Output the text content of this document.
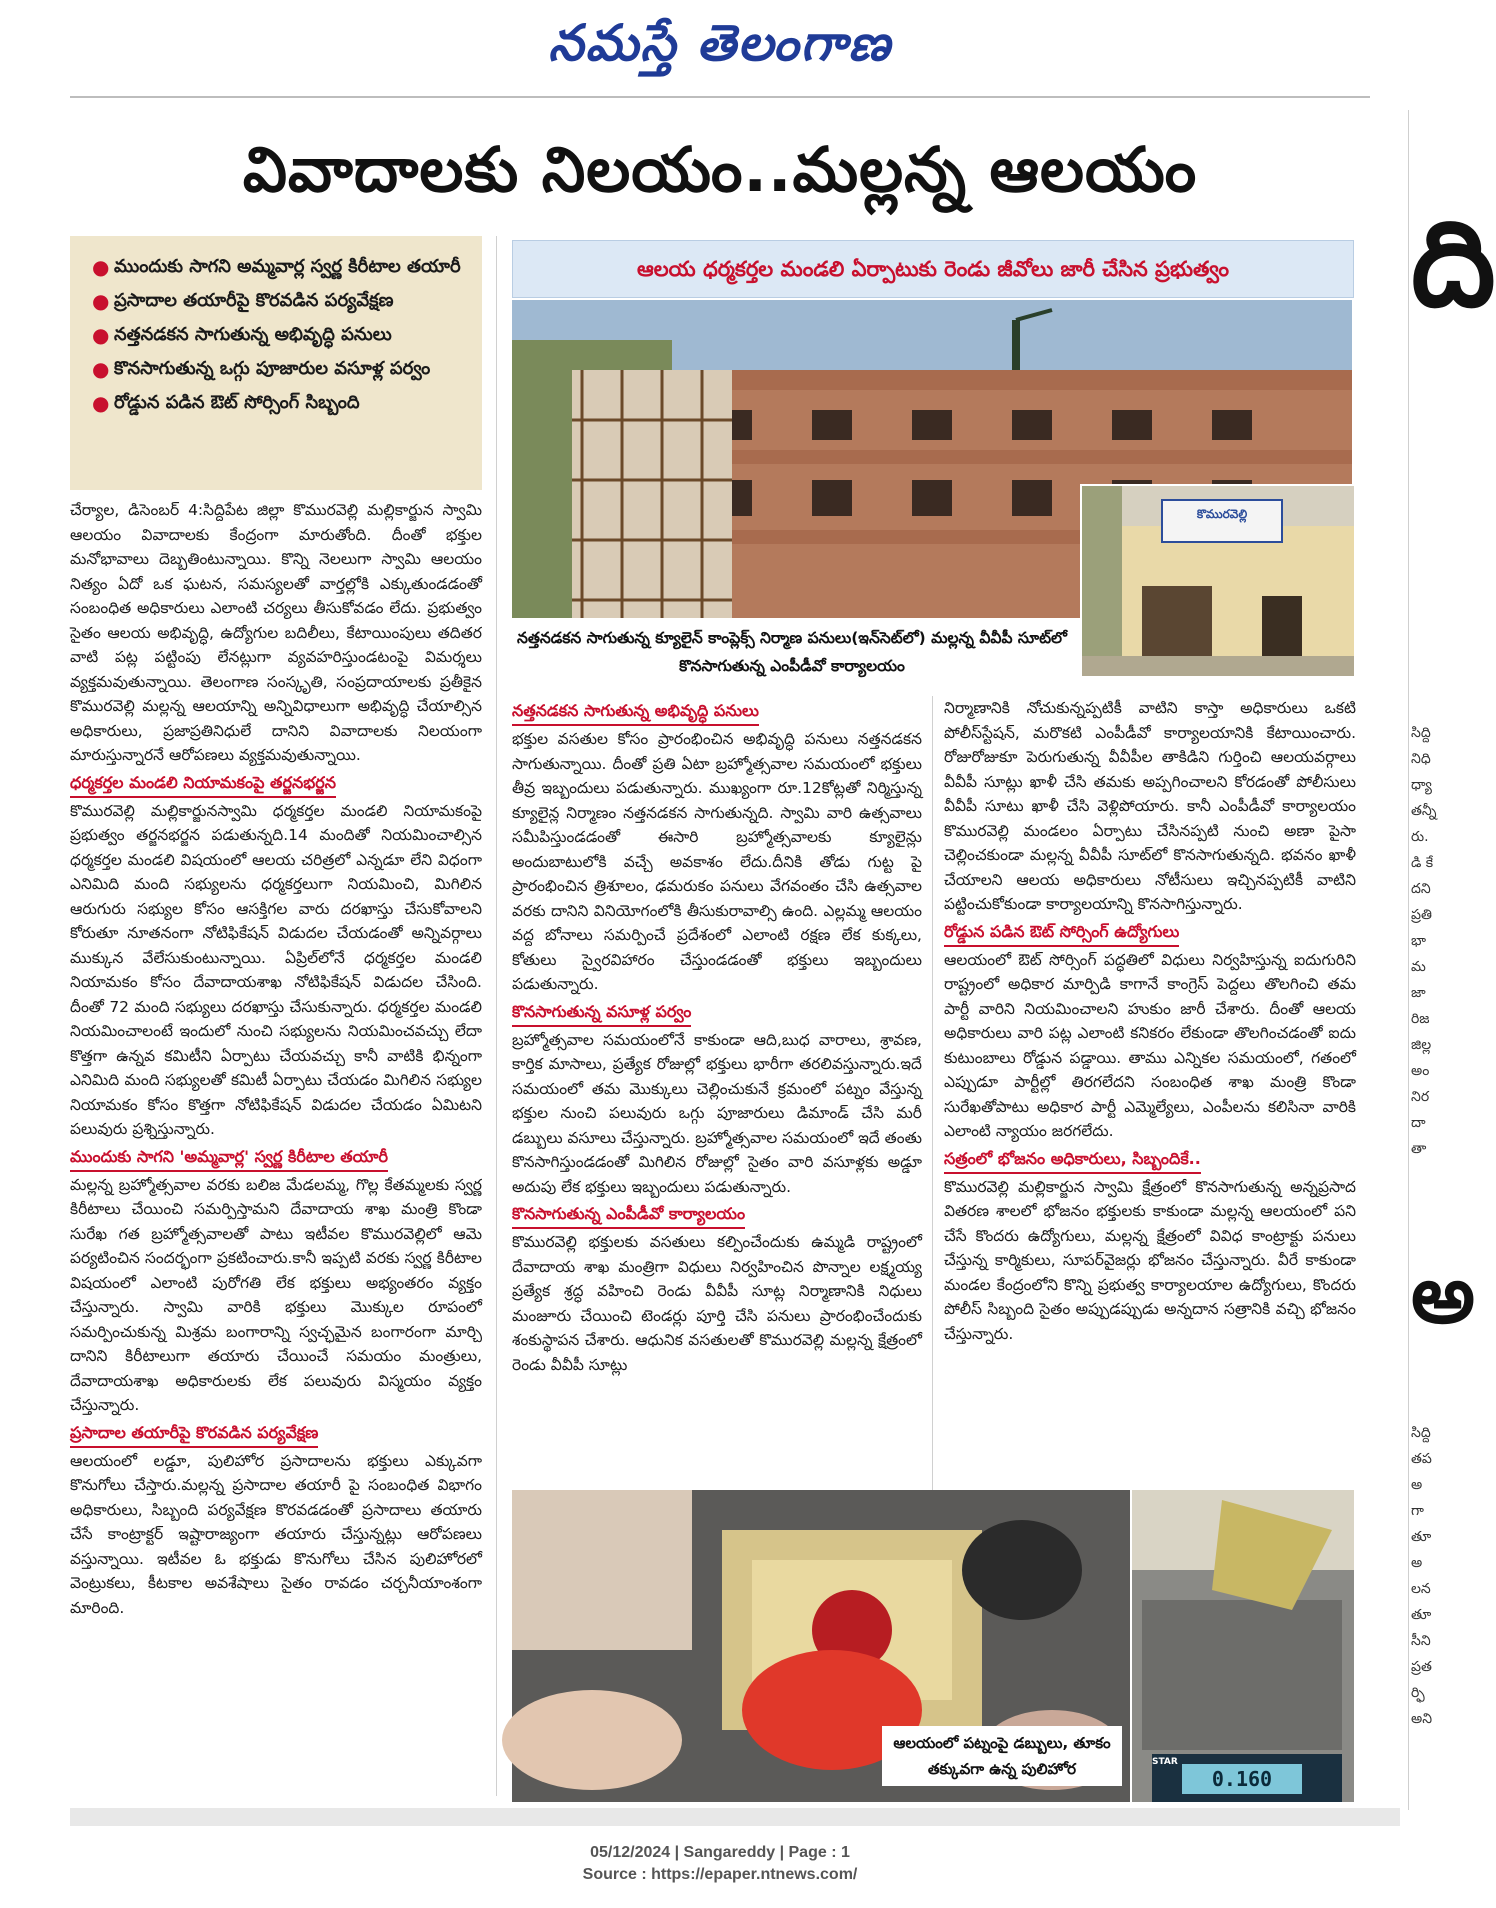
నమస్తే తెలంగాణ
వివాదాలకు నిలయం..మల్లన్న ఆలయం
● ముందుకు సాగని అమ్మవార్ల స్వర్ణ కిరీటాల తయారీ
● ప్రసాదాల తయారీపై కొరవడిన పర్యవేక్షణ
● నత్తనడకన సాగుతున్న అభివృద్ధి పనులు
● కొనసాగుతున్న ఒగ్గు పూజారుల వసూళ్ల పర్వం
● రోడ్డున పడిన ఔట్ సోర్సింగ్ సిబ్బంది

చేర్యాల, డిసెంబర్ 4:సిద్దిపేట జిల్లా కొమురవెల్లి మల్లికార్జున స్వామి ఆలయం వివాదాలకు కేంద్రంగా మారుతోంది. దీంతో భక్తుల మనోభావాలు దెబ్బతింటున్నాయి. కొన్ని నెలలుగా స్వామి ఆలయం నిత్యం ఏదో ఒక ఘటన, సమస్యలతో వార్తల్లోకి ఎక్కుతుండడంతో సంబంధిత అధికారులు ఎలాంటి చర్యలు తీసుకోవడం లేదు. ప్రభుత్వం సైతం ఆలయ అభివృద్ధి, ఉద్యోగుల బదిలీలు, కేటాయింపులు తదితర వాటి పట్ల పట్టింపు లేనట్లుగా వ్యవహరిస్తుండటంపై విమర్శలు వ్యక్తమవుతున్నాయి. తెలంగాణ సంస్కృతి, సంప్రదాయాలకు ప్రతీకైన కొమురవెల్లి మల్లన్న ఆలయాన్ని అన్నివిధాలుగా అభివృద్ధి చేయాల్సిన అధికారులు, ప్రజాప్రతినిధులే దానిని వివాదాలకు నిలయంగా మారుస్తున్నారనే ఆరోపణలు వ్యక్తమవుతున్నాయి.

ధర్మకర్తల మండలి నియామకంపై తర్జనభర్జన

కొమురవెల్లి మల్లికార్జునస్వామి ధర్మకర్తల మండలి నియామకంపై ప్రభుత్వం తర్జనభర్జన పడుతున్నది.14 మందితో నియమించాల్సిన ధర్మకర్తల మండలి విషయంలో ఆలయ చరిత్రలో ఎన్నడూ లేని విధంగా ఎనిమిది మంది సభ్యులను ధర్మకర్తలుగా నియమించి, మిగిలిన ఆరుగురు సభ్యుల కోసం ఆసక్తిగల వారు దరఖాస్తు చేసుకోవాలని కోరుతూ నూతనంగా నోటిఫికేషన్ విడుదల చేయడంతో అన్నివర్గాలు ముక్కున వేలేసుకుంటున్నాయి. ఏప్రిల్‌లోనే ధర్మకర్తల మండలి నియామకం కోసం దేవాదాయశాఖ నోటిఫికేషన్ విడుదల చేసింది. దీంతో 72 మంది సభ్యులు దరఖాస్తు చేసుకున్నారు. ధర్మకర్తల మండలి నియమించాలంటే ఇందులో నుంచి సభ్యులను నియమించవచ్చు లేదా కొత్తగా ఉన్నవ కమిటీని ఏర్పాటు చేయవచ్చు కానీ వాటికి భిన్నంగా ఎనిమిది మంది సభ్యులతో కమిటీ ఏర్పాటు చేయడం మిగిలిన సభ్యుల నియామకం కోసం కొత్తగా నోటిఫికేషన్ విడుదల చేయడం ఏమిటని పలువురు ప్రశ్నిస్తున్నారు.

ముందుకు సాగని 'అమ్మవార్ల' స్వర్ణ కిరీటాల తయారీ

మల్లన్న బ్రహ్మోత్సవాల వరకు బలిజ మేడలమ్మ, గొల్ల కేతమ్మలకు స్వర్ణ కిరీటాలు చేయించి సమర్పిస్తామని దేవాదాయ శాఖ మంత్రి కొండా సురేఖ గత బ్రహ్మోత్సవాలతో పాటు ఇటీవల కొమురవెల్లిలో ఆమె పర్యటించిన సందర్భంగా ప్రకటించారు.కానీ ఇప్పటి వరకు స్వర్ణ కిరీటాల విషయంలో ఎలాంటి పురోగతి లేక భక్తులు అభ్యంతరం వ్యక్తం చేస్తున్నారు. స్వామి వారికి భక్తులు మొక్కుల రూపంలో సమర్పించుకున్న మిశ్రమ బంగారాన్ని స్వచ్ఛమైన బంగారంగా మార్చి దానిని కిరీటాలుగా తయారు చేయించే సమయం మంత్రులు, దేవాదాయశాఖ అధికారులకు లేక పలువురు విస్మయం వ్యక్తం చేస్తున్నారు.

ప్రసాదాల తయారీపై కొరవడిన పర్యవేక్షణ

ఆలయంలో లడ్డూ, పులిహోర ప్రసాదాలను భక్తులు ఎక్కువగా కొనుగోలు చేస్తారు.మల్లన్న ప్రసాదాల తయారీ పై సంబంధిత విభాగం అధికారులు, సిబ్బంది పర్యవేక్షణ కొరవడడంతో ప్రసాదాలు తయారు చేసే కాంట్రాక్టర్ ఇష్టారాజ్యంగా తయారు చేస్తున్నట్లు ఆరోపణలు వస్తున్నాయి. ఇటీవల ఓ భక్తుడు కొనుగోలు చేసిన పులిహోరలో వెంట్రుకలు, కీటకాల అవశేషాలు సైతం రావడం చర్చనీయాంశంగా మారింది.

ఆలయ ధర్మకర్తల మండలి ఏర్పాటుకు రెండు జీవోలు జారీ చేసిన ప్రభుత్వం
కొమురవెల్లి
నత్తనడకన సాగుతున్న క్యూలైన్ కాంప్లెక్స్ నిర్మాణ పనులు(ఇన్‌సెట్‌లో) మల్లన్న వీవీపీ సూట్‌లో కొనసాగుతున్న ఎంపీడీవో కార్యాలయం
నత్తనడకన సాగుతున్న అభివృద్ధి పనులు

భక్తుల వసతుల కోసం ప్రారంభించిన అభివృద్ధి పనులు నత్తనడకన సాగుతున్నాయి. దీంతో ప్రతి ఏటా బ్రహ్మోత్సవాల సమయంలో భక్తులు తీవ్ర ఇబ్బందులు పడుతున్నారు. ముఖ్యంగా రూ.12కోట్లతో నిర్మిస్తున్న క్యూలైన్ల నిర్మాణం నత్తనడకన సాగుతున్నది. స్వామి వారి ఉత్సవాలు సమీపిస్తుండడంతో ఈసారి బ్రహ్మోత్సవాలకు క్యూలైన్లు అందుబాటులోకి వచ్చే అవకాశం లేదు.దీనికి తోడు గుట్ట పై ప్రారంభించిన త్రిశూలం, ఢమరుకం పనులు వేగవంతం చేసి ఉత్సవాల వరకు దానిని వినియోగంలోకి తీసుకురావాల్సి ఉంది. ఎల్లమ్మ ఆలయం వద్ద బోనాలు సమర్పించే ప్రదేశంలో ఎలాంటి రక్షణ లేక కుక్కలు, కోతులు స్వైరవిహారం చేస్తుండడంతో భక్తులు ఇబ్బందులు పడుతున్నారు.

కొనసాగుతున్న వసూళ్ల పర్వం

బ్రహ్మోత్సవాల సమయంలోనే కాకుండా ఆది,బుధ వారాలు, శ్రావణ, కార్తిక మాసాలు, ప్రత్యేక రోజుల్లో భక్తులు భారీగా తరలివస్తున్నారు.ఇదే సమయంలో తమ మొక్కులు చెల్లించుకునే క్రమంలో పట్నం వేస్తున్న భక్తుల నుంచి పలువురు ఒగ్గు పూజారులు డిమాండ్ చేసి మరీ డబ్బులు వసూలు చేస్తున్నారు. బ్రహ్మోత్సవాల సమయంలో ఇదే తంతు కొనసాగిస్తుండడంతో మిగిలిన రోజుల్లో సైతం వారి వసూళ్లకు అడ్డూ అదుపు లేక భక్తులు ఇబ్బందులు పడుతున్నారు.

కొనసాగుతున్న ఎంపీడీవో కార్యాలయం

కొమురవెల్లి భక్తులకు వసతులు కల్పించేందుకు ఉమ్మడి రాష్ట్రంలో దేవాదాయ శాఖ మంత్రిగా విధులు నిర్వహించిన పొన్నాల లక్ష్మయ్య ప్రత్యేక శ్రద్ధ వహించి రెండు వీవీపీ సూట్ల నిర్మాణానికి నిధులు మంజూరు చేయించి టెండర్లు పూర్తి చేసి పనులు ప్రారంభించేందుకు శంకుస్థాపన చేశారు. ఆధునిక వసతులతో కొమురవెల్లి మల్లన్న క్షేత్రంలో రెండు వీవీపీ సూట్లు

నిర్మాణానికి నోచుకున్నప్పటికీ వాటిని కాస్తా అధికారులు ఒకటి పోలీస్‌స్టేషన్, మరొకటి ఎంపీడీవో కార్యాలయానికి కేటాయించారు. రోజురోజుకూ పెరుగుతున్న వీవీపీల తాకిడిని గుర్తించి ఆలయవర్గాలు వీవీపీ సూట్లు ఖాళీ చేసి తమకు అప్పగించాలని కోరడంతో పోలీసులు వీవీపీ సూటు ఖాళీ చేసి వెళ్లిపోయారు. కానీ ఎంపీడీవో కార్యాలయం కొమురవెల్లి మండలం ఏర్పాటు చేసినప్పటి నుంచి అణా పైసా చెల్లించకుండా మల్లన్న వీవీపీ సూట్‌లో కొనసాగుతున్నది. భవనం ఖాళీ చేయాలని ఆలయ అధికారులు నోటీసులు ఇచ్చినప్పటికీ వాటిని పట్టించుకోకుండా కార్యాలయాన్ని కొనసాగిస్తున్నారు.

రోడ్డున పడిన ఔట్ సోర్సింగ్ ఉద్యోగులు

ఆలయంలో ఔట్ సోర్సింగ్ పద్ధతిలో విధులు నిర్వహిస్తున్న ఐదుగురిని రాష్ట్రంలో అధికార మార్పిడి కాగానే కాంగ్రెస్ పెద్దలు తొలగించి తమ పార్టీ వారిని నియమించాలని హుకుం జారీ చేశారు. దీంతో ఆలయ అధికారులు వారి పట్ల ఎలాంటి కనికరం లేకుండా తొలగించడంతో ఐదు కుటుంబాలు రోడ్డున పడ్డాయి. తాము ఎన్నికల సమయంలో, గతంలో ఎప్పుడూ పార్టీల్లో తిరగలేదని సంబంధిత శాఖ మంత్రి కొండా సురేఖతోపాటు అధికార పార్టీ ఎమ్మెల్యేలు, ఎంపీలను కలిసినా వారికి ఎలాంటి న్యాయం జరగలేదు.

సత్రంలో భోజనం అధికారులు, సిబ్బందికే..

కొమురవెల్లి మల్లికార్జున స్వామి క్షేత్రంలో కొనసాగుతున్న అన్నప్రసాద వితరణ శాలలో భోజనం భక్తులకు కాకుండా మల్లన్న ఆలయంలో పని చేసే కొందరు ఉద్యోగులు, మల్లన్న క్షేత్రంలో వివిధ కాంట్రాక్టు పనులు చేస్తున్న కార్మికులు, సూపర్‌వైజర్లు భోజనం చేస్తున్నారు. వీరే కాకుండా మండల కేంద్రంలోని కొన్ని ప్రభుత్వ కార్యాలయాల ఉద్యోగులు, కొందరు పోలీస్ సిబ్బంది సైతం అప్పుడప్పుడు అన్నదాన సత్రానికి వచ్చి భోజనం చేస్తున్నారు.

ఆలయంలో పట్నంపై డబ్బులు, తూకం తక్కువగా ఉన్న పులిహోర	STAR
0.160
05/12/2024 | Sangareddy | Page : 1
Source : https://epaper.ntnews.com/
ది
అ
సిద్ది
నిధి
ధ్యా
తన్నీ
రు.
డి కే
దని
ప్రతి
భా
మ
జా
రిజ
జిల్ల
అం
నిర
దా
తా
సిద్ది
తప
అ
గా
తూ
అ
లన
తూ
సీని
ప్రత
ర్ఫి
అని
